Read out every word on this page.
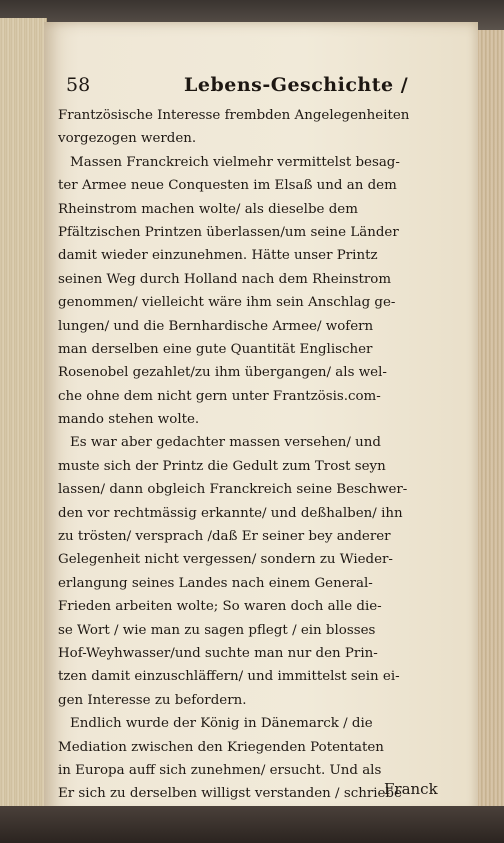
58	Lebens-Geschichte /
Frantzösische Interesse frembden Angelegenheiten
vorgezogen werden.
Massen Franckreich vielmehr vermittelst besag-
ter Armee neue Conquesten im Elsaß und an dem
Rheinstrom machen wolte/ als dieselbe dem
Pfältzischen Printzen überlassen/um seine Länder
damit wieder einzunehmen. Hätte unser Printz
seinen Weg durch Holland nach dem Rheinstrom
genommen/ vielleicht wäre ihm sein Anschlag ge-
lungen/ und die Bernhardische Armee/ wofern
man derselben eine gute Quantität Englischer
Rosenobel gezahlet/zu ihm übergangen/ als wel-
che ohne dem nicht gern unter Frantzösis.com-
mando stehen wolte.
Es war aber gedachter massen versehen/ und
muste sich der Printz die Gedult zum Trost seyn
lassen/ dann obgleich Franckreich seine Beschwer-
den vor rechtmässig erkannte/ und deßhalben/ ihn
zu trösten/ versprach /daß Er seiner bey anderer
Gelegenheit nicht vergessen/ sondern zu Wieder-
erlangung seines Landes nach einem General-
Frieden arbeiten wolte; So waren doch alle die-
se Wort / wie man zu sagen pflegt / ein blosses
Hof-Weyhwasser/und suchte man nur den Prin-
tzen damit einzuschläffern/ und immittelst sein ei-
gen Interesse zu befordern.
Endlich wurde der König in Dänemarck / die
Mediation zwischen den Kriegenden Potentaten
in Europa auff sich zunehmen/ ersucht. Und als
Er sich zu derselben willigst verstanden / schriebe
Franck
